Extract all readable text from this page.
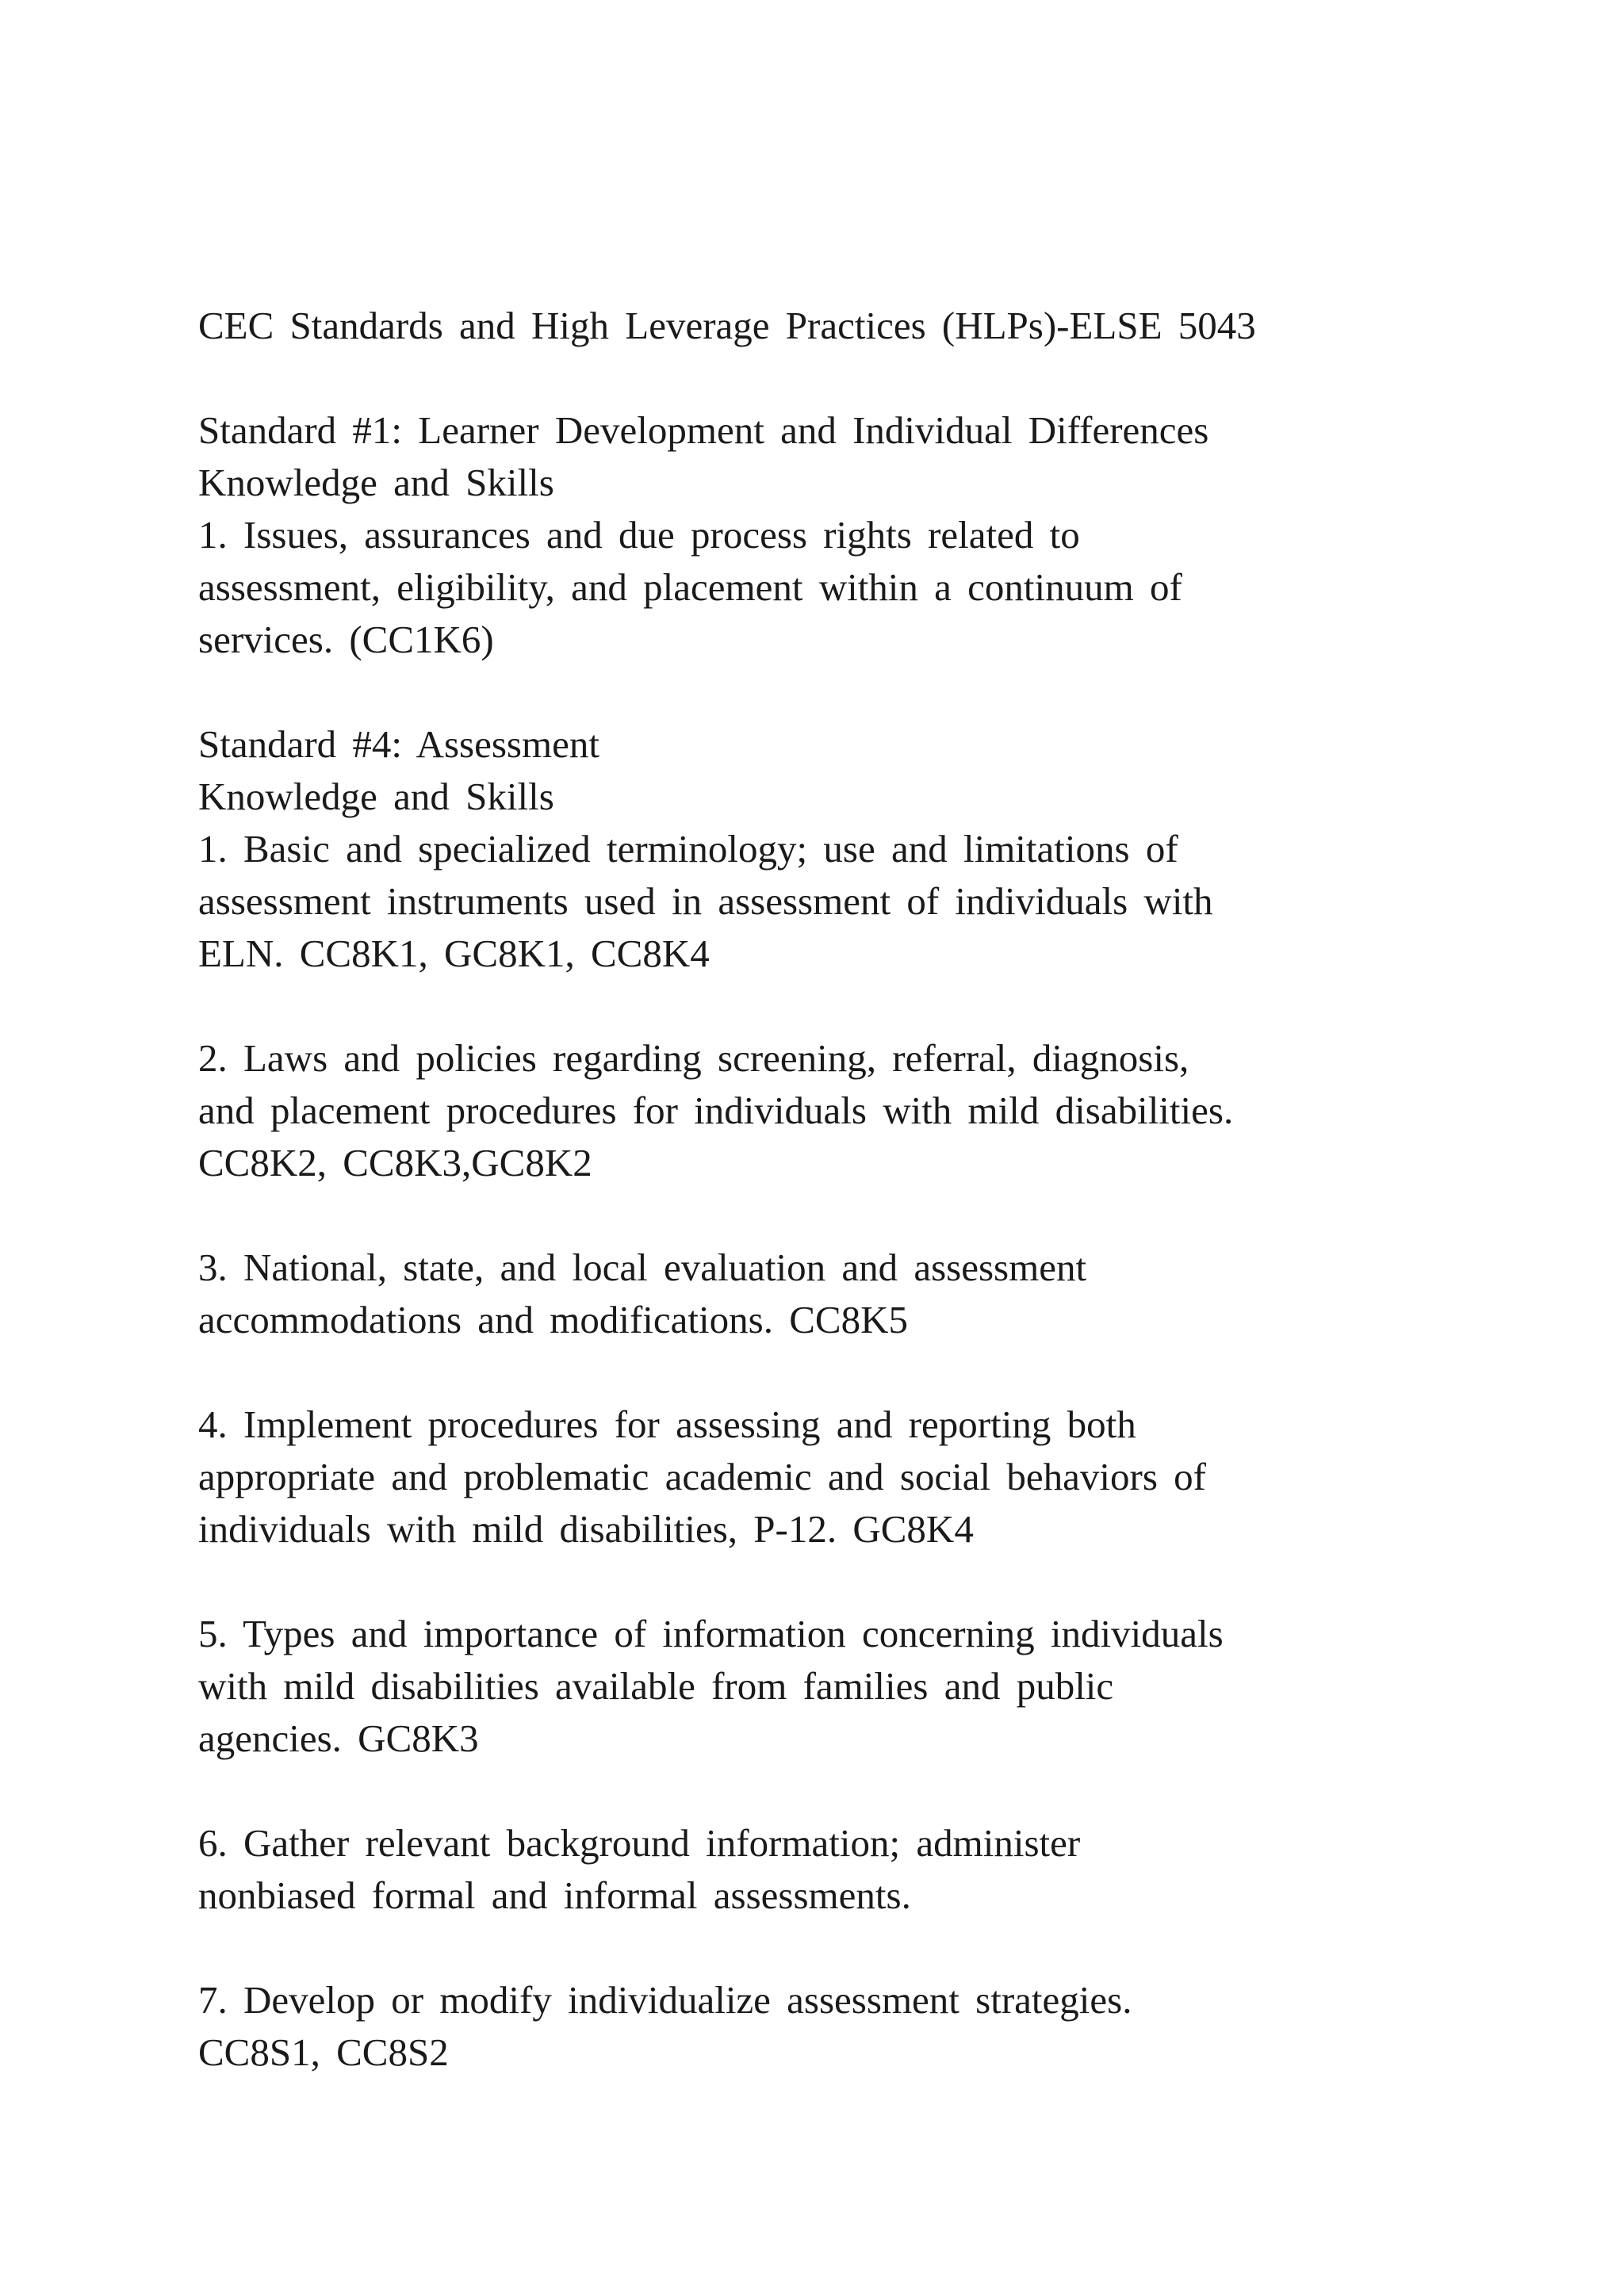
CEC Standards and High Leverage Practices (HLPs)-ELSE 5043
Standard #1: Learner Development and Individual Differences
Knowledge and Skills
1. Issues, assurances and due process rights related to
assessment, eligibility, and placement within a continuum of
services. (CC1K6)
Standard #4: Assessment
Knowledge and Skills
1. Basic and specialized terminology; use and limitations of
assessment instruments used in assessment of individuals with
ELN. CC8K1, GC8K1, CC8K4
2. Laws and policies regarding screening, referral, diagnosis,
and placement procedures for individuals with mild disabilities.
CC8K2, CC8K3,GC8K2
3. National, state, and local evaluation and assessment
accommodations and modifications. CC8K5
4. Implement procedures for assessing and reporting both
appropriate and problematic academic and social behaviors of
individuals with mild disabilities, P-12. GC8K4
5. Types and importance of information concerning individuals
with mild disabilities available from families and public
agencies. GC8K3
6. Gather relevant background information; administer
nonbiased formal and informal assessments.
7. Develop or modify individualize assessment strategies.
CC8S1, CC8S2
